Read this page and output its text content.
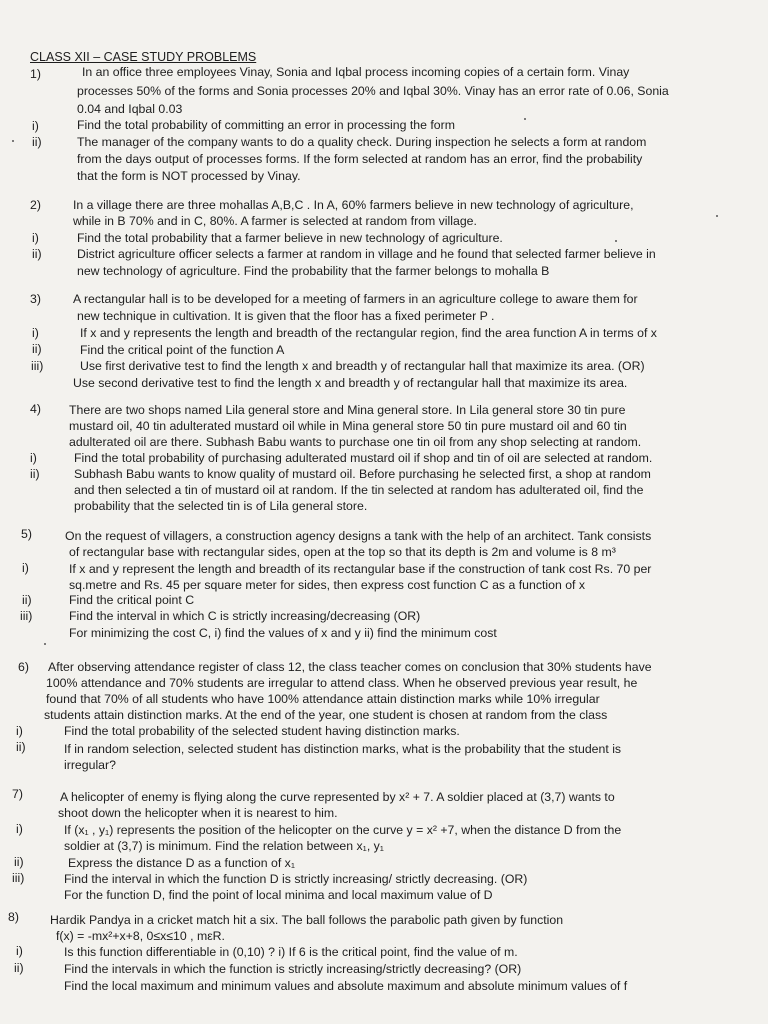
CLASS XII – CASE STUDY PROBLEMS
1)	In an office three employees Vinay, Sonia and Iqbal process incoming copies of a certain form. Vinay
processes 50% of the forms and Sonia processes 20% and Iqbal 30%. Vinay has an error rate of 0.06, Sonia
0.04 and Iqbal 0.03
i)	Find the total probability of committing an error in processing the form
ii)	The manager of the company wants to do a quality check. During inspection he selects a form at random
from the days output of processes forms. If the form selected at random has an error, find the probability
that the form is NOT processed by Vinay.
2)	In a village there are three mohallas A,B,C . In A, 60% farmers believe in new technology of agriculture,
while in B 70% and in C, 80%. A farmer is selected at random from village.
i)	Find the total probability that a farmer believe in new technology of agriculture.
ii)	District agriculture officer selects a farmer at random in village and he found that selected farmer believe in
new technology of agriculture. Find the probability that the farmer belongs to mohalla B
3)	A rectangular hall is to be developed for a meeting of farmers in an agriculture college to aware them for
new technique in cultivation. It is given that the floor has a fixed perimeter P .
i)	If x and y represents the length and breadth of the rectangular region, find the area function A in terms of x
ii)	Find the critical point of the function A
iii)	Use first derivative test to find the length x and breadth y of rectangular hall that maximize its area. (OR)
Use second derivative test to find the length x and breadth y of rectangular hall that maximize its area.
4) There are two shops named Lila general store and Mina general store. In Lila general store 30 tin pure
mustard oil, 40 tin adulterated mustard oil while in Mina general store 50 tin pure mustard oil and 60 tin
adulterated oil are there. Subhash Babu wants to purchase one tin oil from any shop selecting at random.
i)	Find the total probability of purchasing adulterated mustard oil if shop and tin of oil are selected at random.
ii)	Subhash Babu wants to know quality of mustard oil. Before purchasing he selected first, a shop at random
and then selected a tin of mustard oil at random. If the tin selected at random has adulterated oil, find the
probability that the selected tin is of Lila general store.
5)	On the request of villagers, a construction agency designs a tank with the help of an architect. Tank consists
of rectangular base with rectangular sides, open at the top so that its depth is 2m and volume is 8 m³
i)	If x and y represent the length and breadth of its rectangular base if the construction of tank cost Rs. 70 per
sq.metre and Rs. 45 per square meter for sides, then express cost function C as a function of x
ii)	Find the critical point C
iii)	Find the interval in which C is strictly increasing/decreasing (OR)
For minimizing the cost C, i) find the values of x and y ii) find the minimum cost
6) After observing attendance register of class 12, the class teacher comes on conclusion that 30% students have
100% attendance and 70% students are irregular to attend class. When he observed previous year result, he
found that 70% of all students who have 100% attendance attain distinction marks while 10% irregular
students attain distinction marks. At the end of the year, one student is chosen at random from the class
i)	Find the total probability of the selected student having distinction marks.
ii)	If in random selection, selected student has distinction marks, what is the probability that the student is
irregular?
7)	A helicopter of enemy is flying along the curve represented by x² + 7. A soldier placed at (3,7) wants to
shoot down the helicopter when it is nearest to him.
i)	If (x₁ , y₁) represents the position of the helicopter on the curve y = x² +7, when the distance D from the
soldier at (3,7) is minimum. Find the relation between x₁, y₁
ii)	Express the distance D as a function of x₁
iii)	Find the interval in which the function D is strictly increasing/ strictly decreasing. (OR)
For the function D, find the point of local minima and local maximum value of D
8)	Hardik Pandya in a cricket match hit a six. The ball follows the parabolic path given by function
f(x) = -mx²+x+8, 0≤x≤10 , mεR.
i)	Is this function differentiable in (0,10) ? i) If 6 is the critical point, find the value of m.
ii)	Find the intervals in which the function is strictly increasing/strictly decreasing? (OR)
Find the local maximum and minimum values and absolute maximum and absolute minimum values of f
